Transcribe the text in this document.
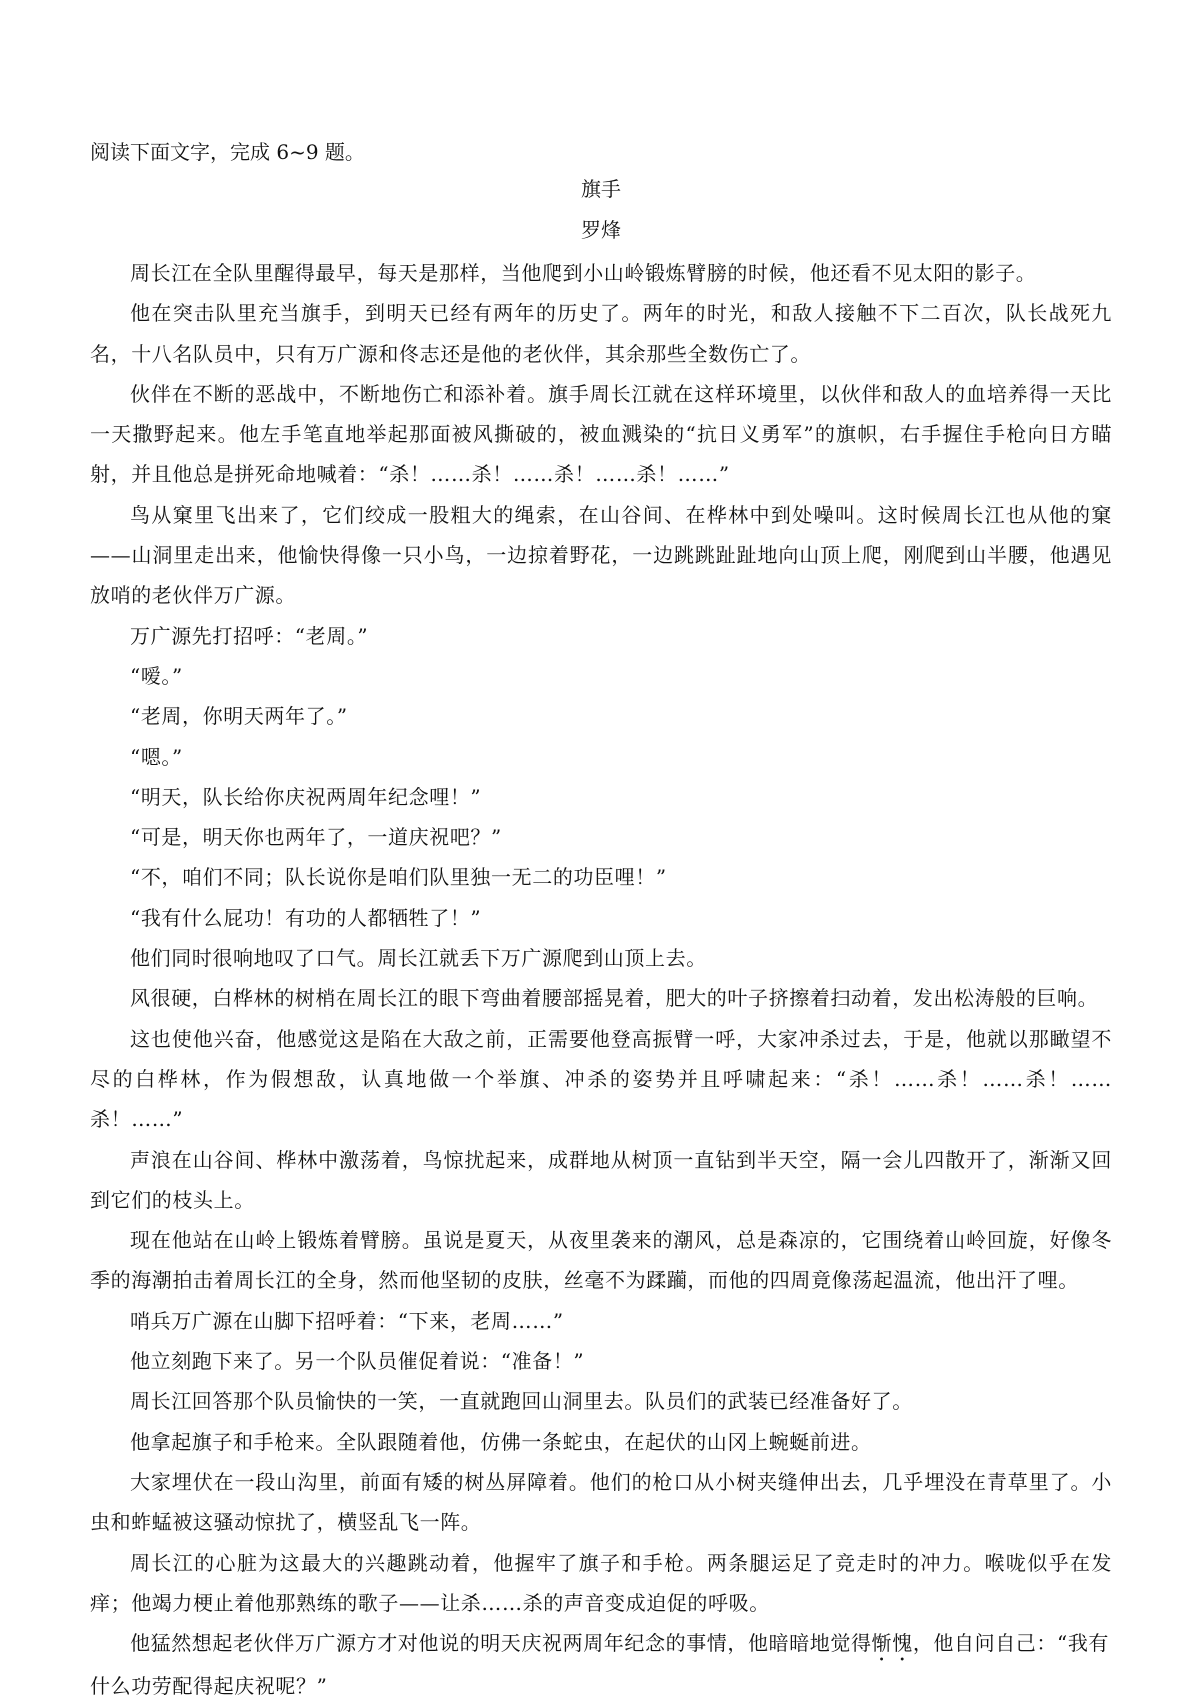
阅读下面文字，完成 6~9 题。
旗手
罗烽

周长江在全队里醒得最早，每天是那样，当他爬到小山岭锻炼臂膀的时候，他还看不见太阳的影子。

他在突击队里充当旗手，到明天已经有两年的历史了。两年的时光，和敌人接触不下二百次，队长战死九名，十八名队员中，只有万广源和佟志还是他的老伙伴，其余那些全数伤亡了。

伙伴在不断的恶战中，不断地伤亡和添补着。旗手周长江就在这样环境里，以伙伴和敌人的血培养得一天比一天撒野起来。他左手笔直地举起那面被风撕破的，被血溅染的“抗日义勇军”的旗帜，右手握住手枪向日方瞄射，并且他总是拼死命地喊着：“杀！……杀！……杀！……杀！……”

鸟从窠里飞出来了，它们绞成一股粗大的绳索，在山谷间、在桦林中到处噪叫。这时候周长江也从他的窠——山洞里走出来，他愉快得像一只小鸟，一边掠着野花，一边跳跳趾趾地向山顶上爬，刚爬到山半腰，他遇见放哨的老伙伴万广源。

万广源先打招呼：“老周。”

“嗳。”

“老周，你明天两年了。”

“嗯。”

“明天，队长给你庆祝两周年纪念哩！”

“可是，明天你也两年了，一道庆祝吧？”

“不，咱们不同；队长说你是咱们队里独一无二的功臣哩！”

“我有什么屁功！有功的人都牺牲了！”

他们同时很响地叹了口气。周长江就丢下万广源爬到山顶上去。

风很硬，白桦林的树梢在周长江的眼下弯曲着腰部摇晃着，肥大的叶子挤擦着扫动着，发出松涛般的巨响。

这也使他兴奋，他感觉这是陷在大敌之前，正需要他登高振臂一呼，大家冲杀过去，于是，他就以那瞰望不尽的白桦林，作为假想敌，认真地做一个举旗、冲杀的姿势并且呼啸起来：“杀！……杀！……杀！……杀！……”

声浪在山谷间、桦林中激荡着，鸟惊扰起来，成群地从树顶一直钻到半天空，隔一会儿四散开了，渐渐又回到它们的枝头上。

现在他站在山岭上锻炼着臂膀。虽说是夏天，从夜里袭来的潮风，总是森凉的，它围绕着山岭回旋，好像冬季的海潮拍击着周长江的全身，然而他坚韧的皮肤，丝毫不为蹂躏，而他的四周竟像荡起温流，他出汗了哩。

哨兵万广源在山脚下招呼着：“下来，老周……”

他立刻跑下来了。另一个队员催促着说：“准备！”

周长江回答那个队员愉快的一笑，一直就跑回山洞里去。队员们的武装已经准备好了。

他拿起旗子和手枪来。全队跟随着他，仿佛一条蛇虫，在起伏的山冈上蜿蜒前进。

大家埋伏在一段山沟里，前面有矮的树丛屏障着。他们的枪口从小树夹缝伸出去，几乎埋没在青草里了。小虫和蚱蜢被这骚动惊扰了，横竖乱飞一阵。

周长江的心脏为这最大的兴趣跳动着，他握牢了旗子和手枪。两条腿运足了竞走时的冲力。喉咙似乎在发痒；他竭力梗止着他那熟练的歌子——让杀……杀的声音变成迫促的呼吸。

他猛然想起老伙伴万广源方才对他说的明天庆祝两周年纪念的事情，他暗暗地觉得惭愧，他自问自己：“我有什么功劳配得起庆祝呢？”
